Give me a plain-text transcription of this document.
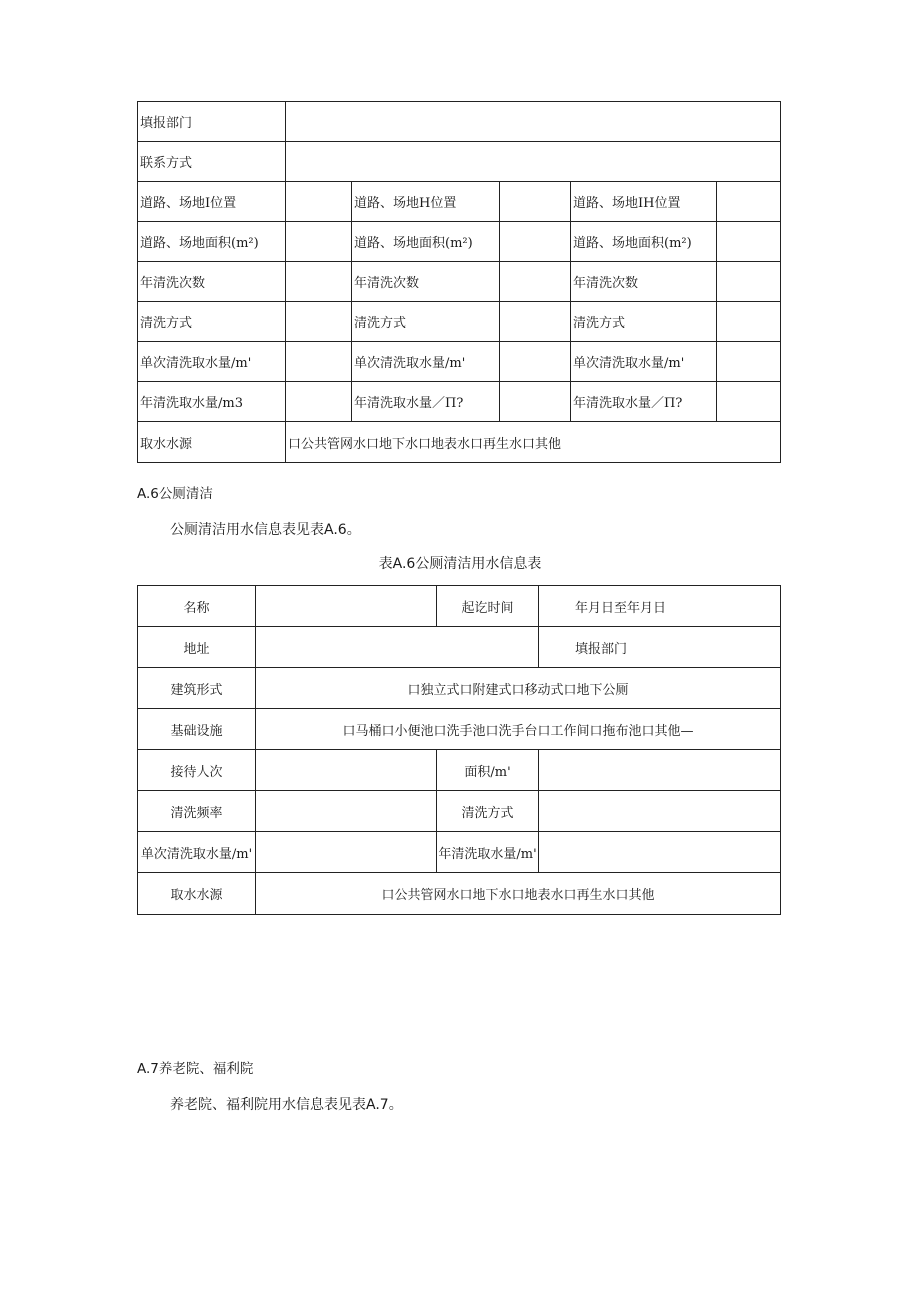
填报部门					
联系方式					
道路、场地I位置		道路、场地H位置		道路、场地IH位置	
道路、场地面积(m²)		道路、场地面积(m²)		道路、场地面积(m²)	
年清洗次数		年清洗次数		年清洗次数	
清洗方式		清洗方式		清洗方式	
单次清洗取水量/m'		单次清洗取水量/m'		单次清洗取水量/m'	
年清洗取水量/m3		年清洗取水量／П?		年清洗取水量／П?	
取水水源	口公共管网水口地下水口地表水口再生水口其他				
A.6公厕清洁
公厕清洁用水信息表见表A.6。
表A.6公厕清洁用水信息表
名称		起讫时间	年月日至年月日
地址			填报部门
建筑形式	口独立式口附建式口移动式口地下公厕		
基础设施	口马桶口小便池口洗手池口洗手台口工作间口拖布池口其他—		
接待人次		面积/m'	
清洗频率		清洗方式	
单次清洗取水量/m'		年清洗取水量/m'	
取水水源	口公共管网水口地下水口地表水口再生水口其他		
A.7养老院、福利院
养老院、福利院用水信息表见表A.7。
